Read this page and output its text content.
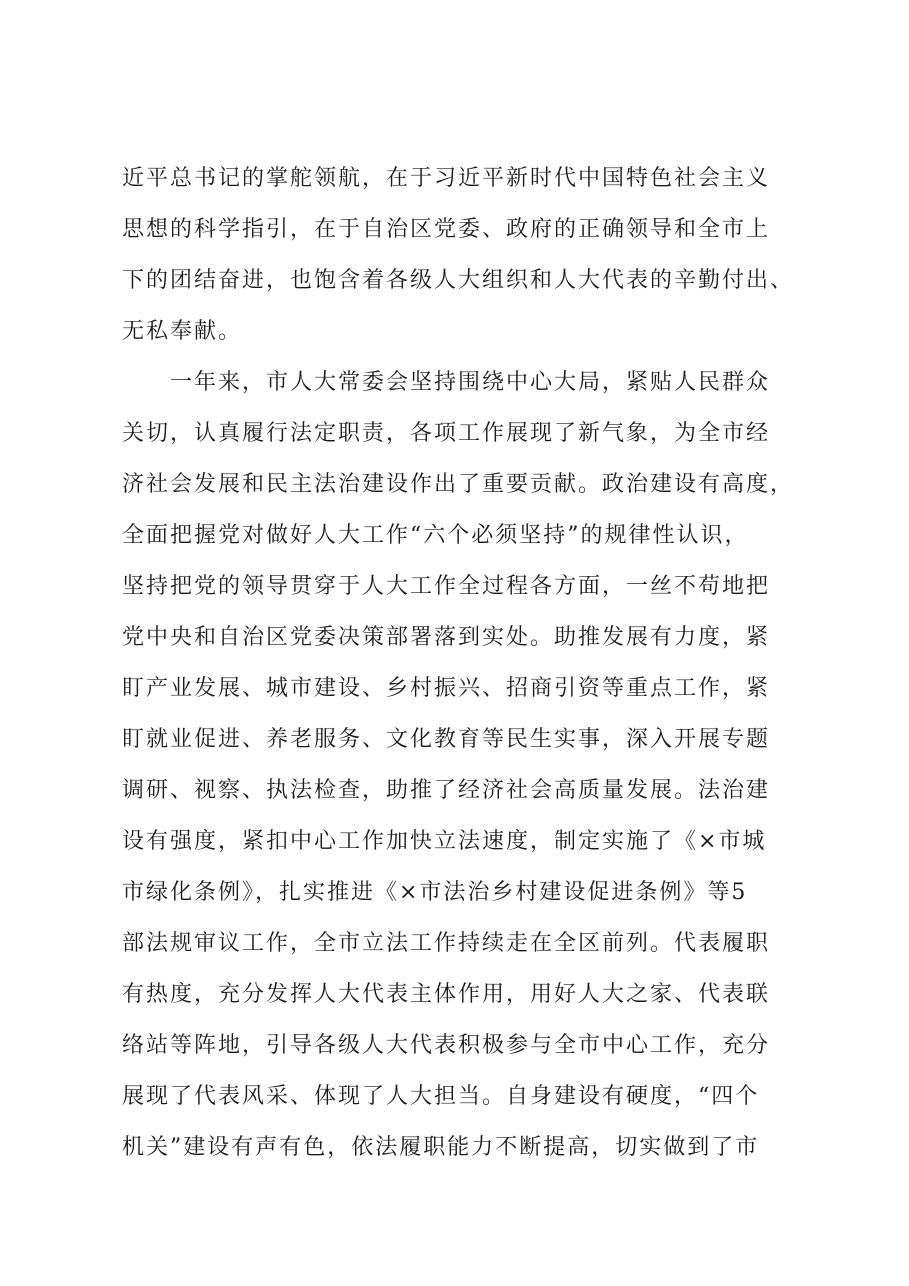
近平总书记的掌舵领航，在于习近平新时代中国特色社会主义
思想的科学指引，在于自治区党委、政府的正确领导和全市上
下的团结奋进，也饱含着各级人大组织和人大代表的辛勤付出、
无私奉献。
一年来，市人大常委会坚持围绕中心大局，紧贴人民群众
关切，认真履行法定职责，各项工作展现了新气象，为全市经
济社会发展和民主法治建设作出了重要贡献。政治建设有高度，
全面把握党对做好人大工作“六个必须坚持”的规律性认识，
坚持把党的领导贯穿于人大工作全过程各方面，一丝不苟地把
党中央和自治区党委决策部署落到实处。助推发展有力度，紧
盯产业发展、城市建设、乡村振兴、招商引资等重点工作，紧
盯就业促进、养老服务、文化教育等民生实事，深入开展专题
调研、视察、执法检查，助推了经济社会高质量发展。法治建
设有强度，紧扣中心工作加快立法速度，制定实施了《×市城
市绿化条例》，扎实推进《×市法治乡村建设促进条例》等5
部法规审议工作，全市立法工作持续走在全区前列。代表履职
有热度，充分发挥人大代表主体作用，用好人大之家、代表联
络站等阵地，引导各级人大代表积极参与全市中心工作，充分
展现了代表风采、体现了人大担当。自身建设有硬度，“四个
机关”建设有声有色，依法履职能力不断提高，切实做到了市
